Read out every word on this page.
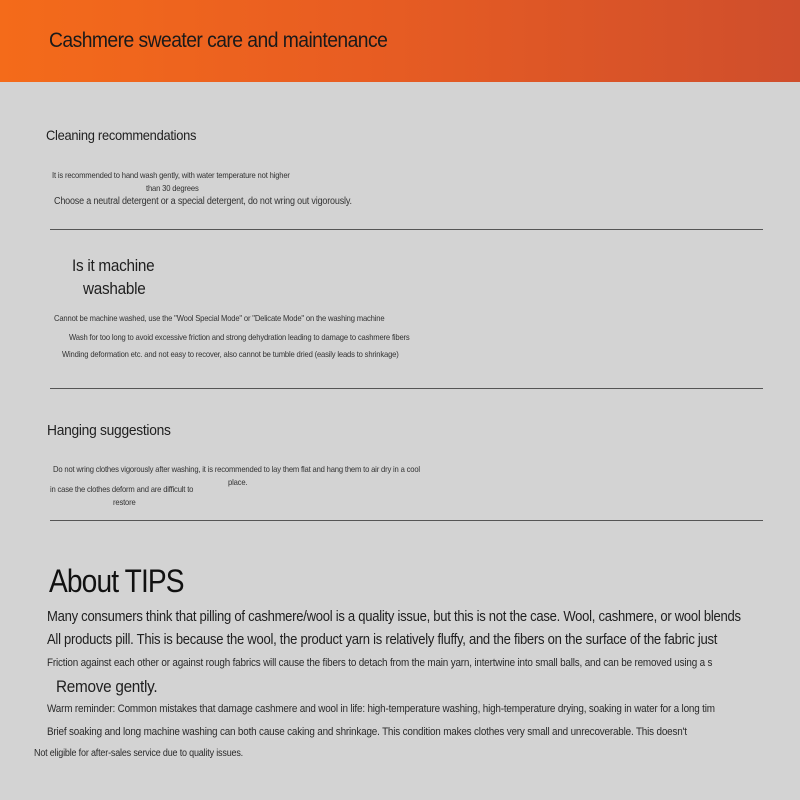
Cashmere sweater care and maintenance
Cleaning recommendations
It is recommended to hand wash gently, with water temperature not higher
than 30 degrees
Choose a neutral detergent or a special detergent, do not wring out vigorously.
Is it machine
washable
Cannot be machine washed, use the "Wool Special Mode" or "Delicate Mode" on the washing machine
Wash for too long to avoid excessive friction and strong dehydration leading to damage to cashmere fibers
Winding deformation etc. and not easy to recover, also cannot be tumble dried (easily leads to shrinkage)
Hanging suggestions
Do not wring clothes vigorously after washing, it is recommended to lay them flat and hang them to air dry in a cool
place.
in case the clothes deform and are difficult to
restore
About TIPS
Many consumers think that pilling of cashmere/wool is a quality issue, but this is not the case. Wool, cashmere, or wool blends
All products pill. This is because the wool, the product yarn is relatively fluffy, and the fibers on the surface of the fabric just
Friction against each other or against rough fabrics will cause the fibers to detach from the main yarn, intertwine into small balls, and can be removed using a s
Remove gently.
Warm reminder: Common mistakes that damage cashmere and wool in life: high-temperature washing, high-temperature drying, soaking in water for a long tim
Brief soaking and long machine washing can both cause caking and shrinkage. This condition makes clothes very small and unrecoverable. This doesn't
Not eligible for after-sales service due to quality issues.
